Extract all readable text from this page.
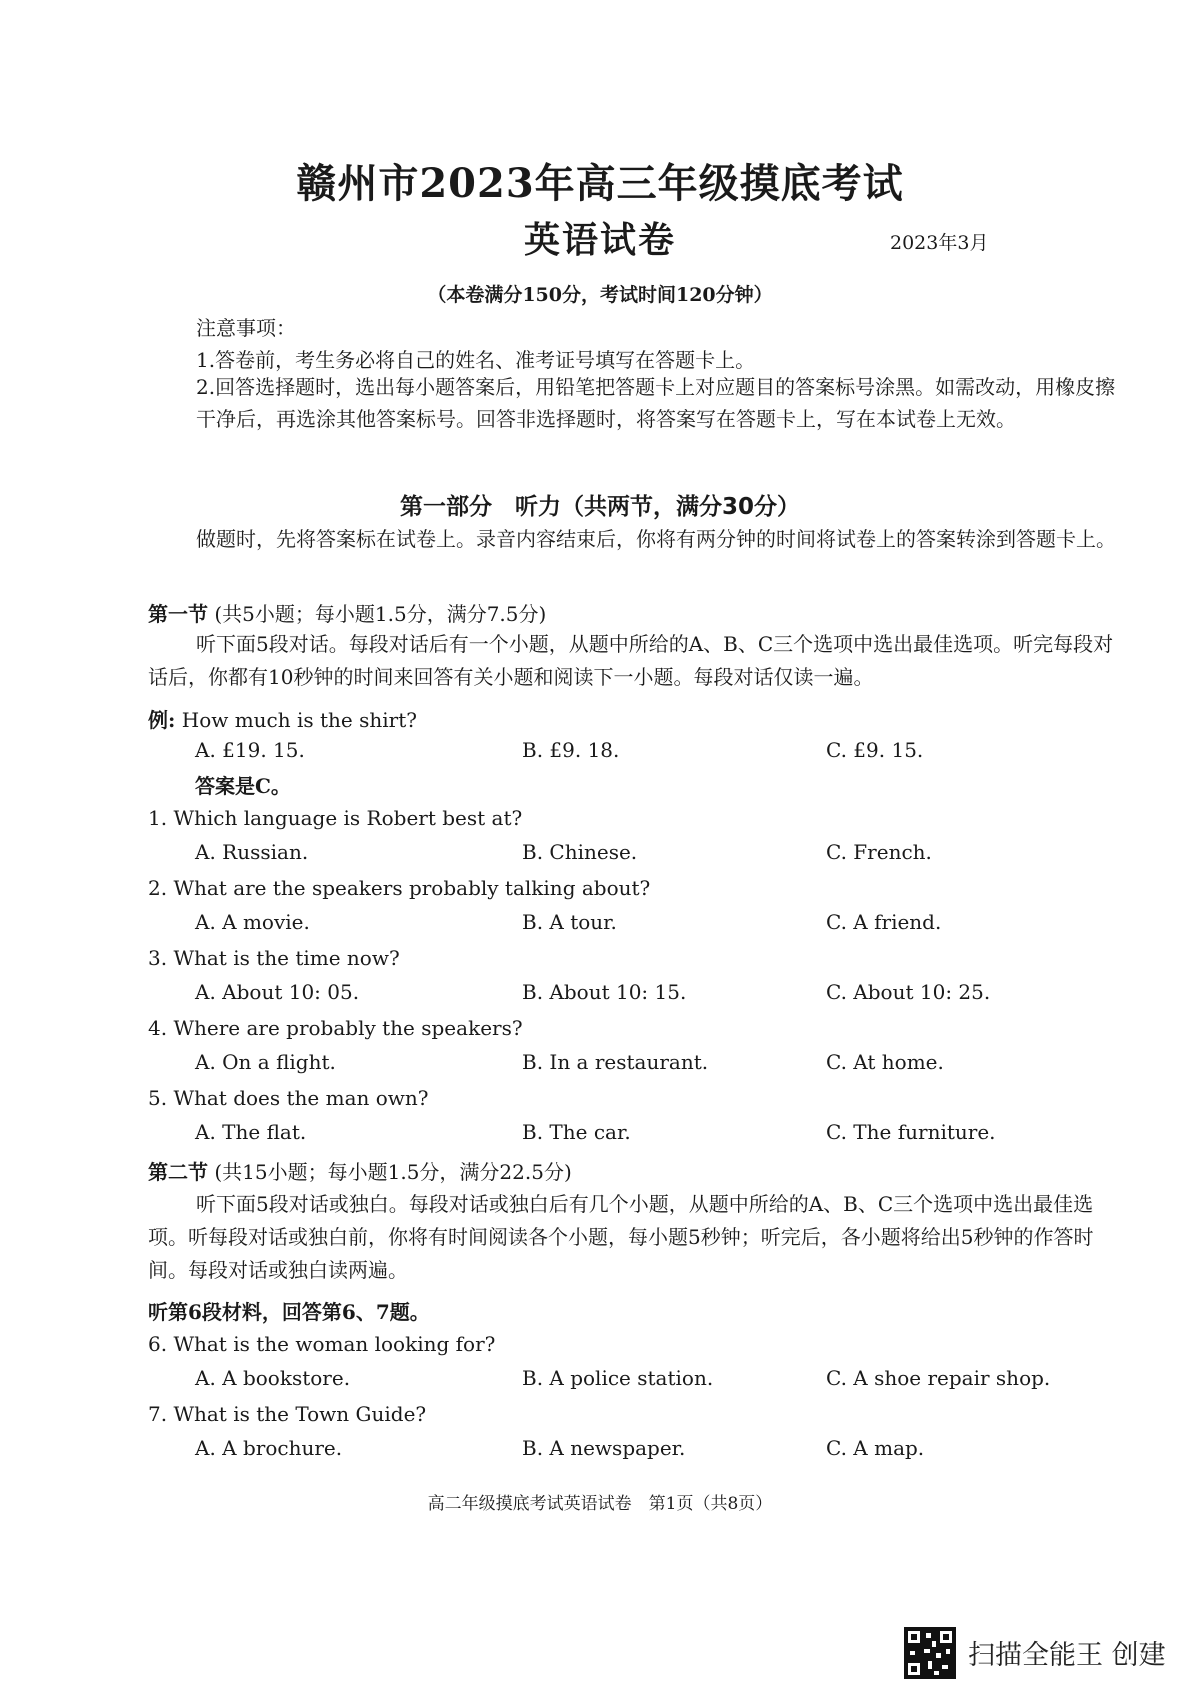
赣州市2023年高三年级摸底考试
英语试卷	2023年3月
（本卷满分150分，考试时间120分钟）
注意事项：
1.答卷前，考生务必将自己的姓名、准考证号填写在答题卡上。
2.回答选择题时，选出每小题答案后，用铅笔把答题卡上对应题目的答案标号涂黑。如需改动，用橡皮擦干净后，再选涂其他答案标号。回答非选择题时，将答案写在答题卡上，写在本试卷上无效。
第一部分　听力（共两节，满分30分）
做题时，先将答案标在试卷上。录音内容结束后，你将有两分钟的时间将试卷上的答案转涂到答题卡上。
第一节 (共5小题；每小题1.5分，满分7.5分)
听下面5段对话。每段对话后有一个小题，从题中所给的A、B、C三个选项中选出最佳选项。听完每段对话后，你都有10秒钟的时间来回答有关小题和阅读下一小题。每段对话仅读一遍。
例: How much is the shirt?
A. £19. 15.	B. £9. 18.	C. £9. 15.
答案是C。
1. Which language is Robert best at?
A. Russian.	B. Chinese.	C. French.
2. What are the speakers probably talking about?
A. A movie.	B. A tour.	C. A friend.
3. What is the time now?
A. About 10: 05.	B. About 10: 15.	C. About 10: 25.
4. Where are probably the speakers?
A. On a flight.	B. In a restaurant.	C. At home.
5. What does the man own?
A. The flat.	B. The car.	C. The furniture.
第二节 (共15小题；每小题1.5分，满分22.5分)
听下面5段对话或独白。每段对话或独白后有几个小题，从题中所给的A、B、C三个选项中选出最佳选项。听每段对话或独白前，你将有时间阅读各个小题，每小题5秒钟；听完后，各小题将给出5秒钟的作答时间。每段对话或独白读两遍。
听第6段材料，回答第6、7题。
6. What is the woman looking for?
A. A bookstore.	B. A police station.	C. A shoe repair shop.
7. What is the Town Guide?
A. A brochure.	B. A newspaper.	C. A map.
高二年级摸底考试英语试卷　第1页（共8页）
扫描全能王 创建
